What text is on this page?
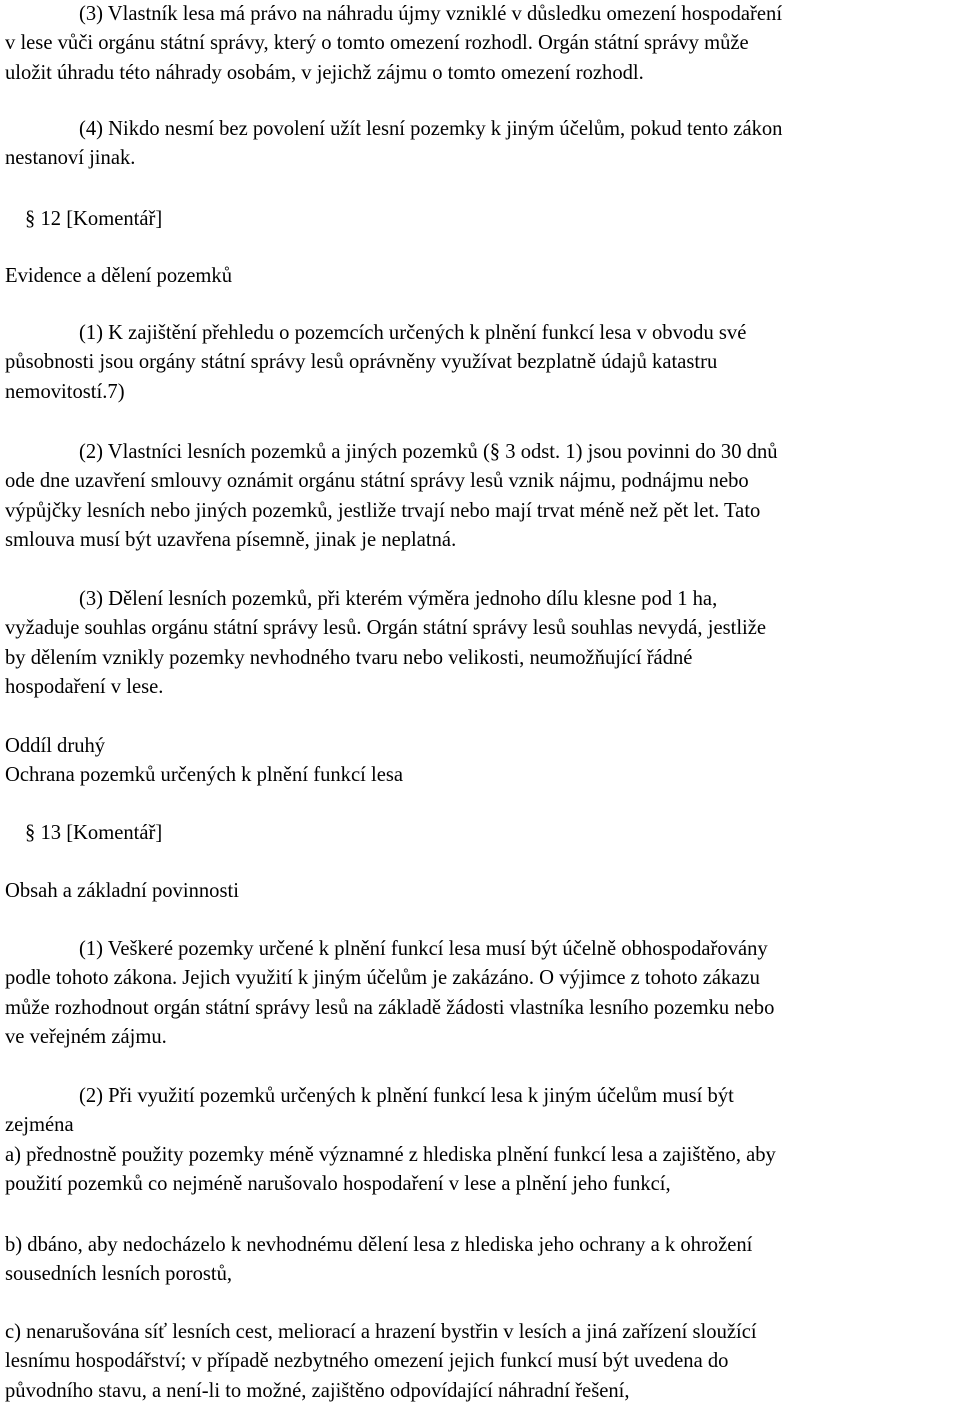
(3) Vlastník lesa má právo na náhradu újmy vzniklé v důsledku omezení hospodaření

v lese vůči orgánu státní správy, který o tomto omezení rozhodl. Orgán státní správy může

uložit úhradu této náhrady osobám, v jejichž zájmu o tomto omezení rozhodl.

(4) Nikdo nesmí bez povolení užít lesní pozemky k jiným účelům, pokud tento zákon

nestanoví jinak.

§ 12 [Komentář]

Evidence a dělení pozemků

(1) K zajištění přehledu o pozemcích určených k plnění funkcí lesa v obvodu své

působnosti jsou orgány státní správy lesů oprávněny využívat bezplatně údajů katastru

nemovitostí.7)

(2) Vlastníci lesních pozemků a jiných pozemků (§ 3 odst. 1) jsou povinni do 30 dnů

ode dne uzavření smlouvy oznámit orgánu státní správy lesů vznik nájmu, podnájmu nebo

výpůjčky lesních nebo jiných pozemků, jestliže trvají nebo mají trvat méně než pět let. Tato

smlouva musí být uzavřena písemně, jinak je neplatná.

(3) Dělení lesních pozemků, při kterém výměra jednoho dílu klesne pod 1 ha,

vyžaduje souhlas orgánu státní správy lesů. Orgán státní správy lesů souhlas nevydá, jestliže

by dělením vznikly pozemky nevhodného tvaru nebo velikosti, neumožňující řádné

hospodaření v lese.

Oddíl druhý

Ochrana pozemků určených k plnění funkcí lesa

§ 13 [Komentář]

Obsah a základní povinnosti

(1) Veškeré pozemky určené k plnění funkcí lesa musí být účelně obhospodařovány

podle tohoto zákona. Jejich využití k jiným účelům je zakázáno. O výjimce z tohoto zákazu

může rozhodnout orgán státní správy lesů na základě žádosti vlastníka lesního pozemku nebo

ve veřejném zájmu.

(2) Při využití pozemků určených k plnění funkcí lesa k jiným účelům musí být

zejména

a) přednostně použity pozemky méně významné z hlediska plnění funkcí lesa a zajištěno, aby

použití pozemků co nejméně narušovalo hospodaření v lese a plnění jeho funkcí,

b) dbáno, aby nedocházelo k nevhodnému dělení lesa z hlediska jeho ochrany a k ohrožení

sousedních lesních porostů,

c) nenarušována síť lesních cest, meliorací a hrazení bystřin v lesích a jiná zařízení sloužící

lesnímu hospodářství; v případě nezbytného omezení jejich funkcí musí být uvedena do

původního stavu, a není-li to možné, zajištěno odpovídající náhradní řešení,
